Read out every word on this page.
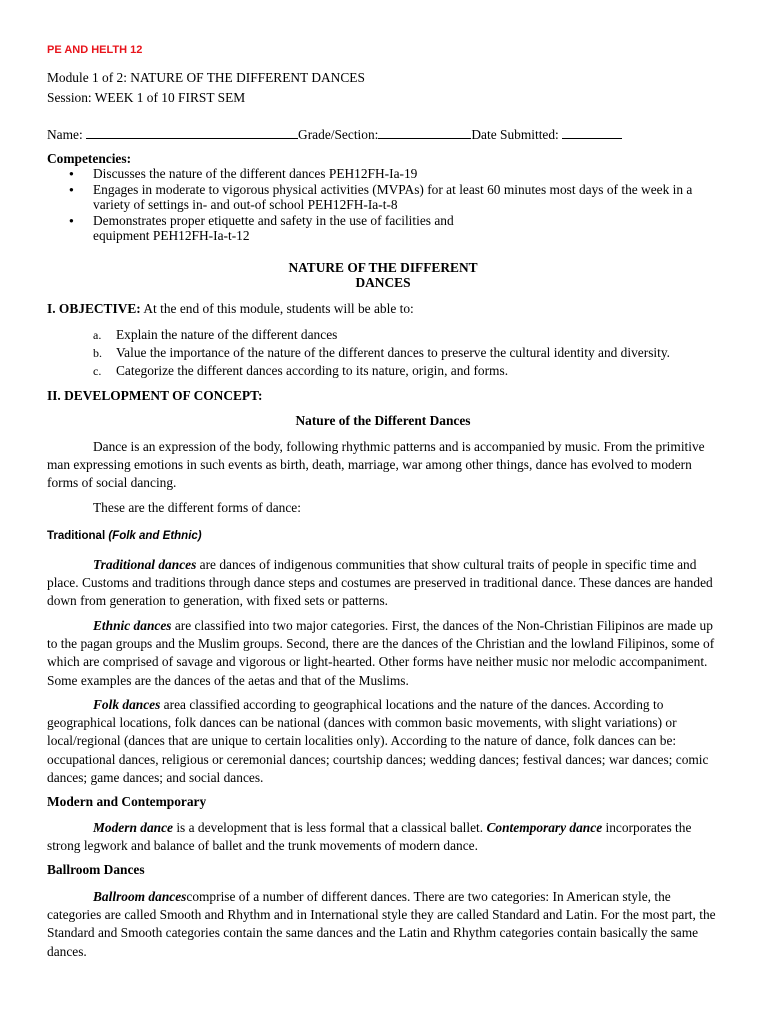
PE AND HELTH 12
Module 1 of 2: NATURE OF THE DIFFERENT DANCES
Session: WEEK 1 of 10 FIRST SEM
Name:	Grade/Section:	Date Submitted:
Competencies:
● Discusses the nature of the different dances PEH12FH-Ia-19
● Engages in moderate to vigorous physical activities (MVPAs) for at least 60 minutes most days of the week in a variety of settings in- and out-of school PEH12FH-Ia-t-8
● Demonstrates proper etiquette and safety in the use of facilities and equipment PEH12FH-Ia-t-12
NATURE OF THE DIFFERENT
DANCES
I. OBJECTIVE: At the end of this module, students will be able to:
a. Explain the nature of the different dances
b. Value the importance of the nature of the different dances to preserve the cultural identity and diversity.
c. Categorize the different dances according to its nature, origin, and forms.
II. DEVELOPMENT OF CONCEPT:
Nature of the Different Dances
Dance is an expression of the body, following rhythmic patterns and is accompanied by music. From the primitive man expressing emotions in such events as birth, death, marriage, war among other things, dance has evolved to modern forms of social dancing.
These are the different forms of dance:
Traditional (Folk and Ethnic)
Traditional dances are dances of indigenous communities that show cultural traits of people in specific time and place. Customs and traditions through dance steps and costumes are preserved in traditional dance. These dances are handed down from generation to generation, with fixed sets or patterns.
Ethnic dances are classified into two major categories. First, the dances of the Non-Christian Filipinos are made up to the pagan groups and the Muslim groups. Second, there are the dances of the Christian and the lowland Filipinos, some of which are comprised of savage and vigorous or light-hearted. Other forms have neither music nor melodic accompaniment. Some examples are the dances of the aetas and that of the Muslims.
Folk dances area classified according to geographical locations and the nature of the dances. According to geographical locations, folk dances can be national (dances with common basic movements, with slight variations) or local/regional (dances that are unique to certain localities only). According to the nature of dance, folk dances can be: occupational dances, religious or ceremonial dances; courtship dances; wedding dances; festival dances; war dances; comic dances; game dances; and social dances.
Modern and Contemporary
Modern dance is a development that is less formal that a classical ballet. Contemporary dance incorporates the strong legwork and balance of ballet and the trunk movements of modern dance.
Ballroom Dances
Ballroom dancescomprise of a number of different dances. There are two categories: In American style, the categories are called Smooth and Rhythm and in International style they are called Standard and Latin. For the most part, the Standard and Smooth categories contain the same dances and the Latin and Rhythm categories contain basically the same dances.
